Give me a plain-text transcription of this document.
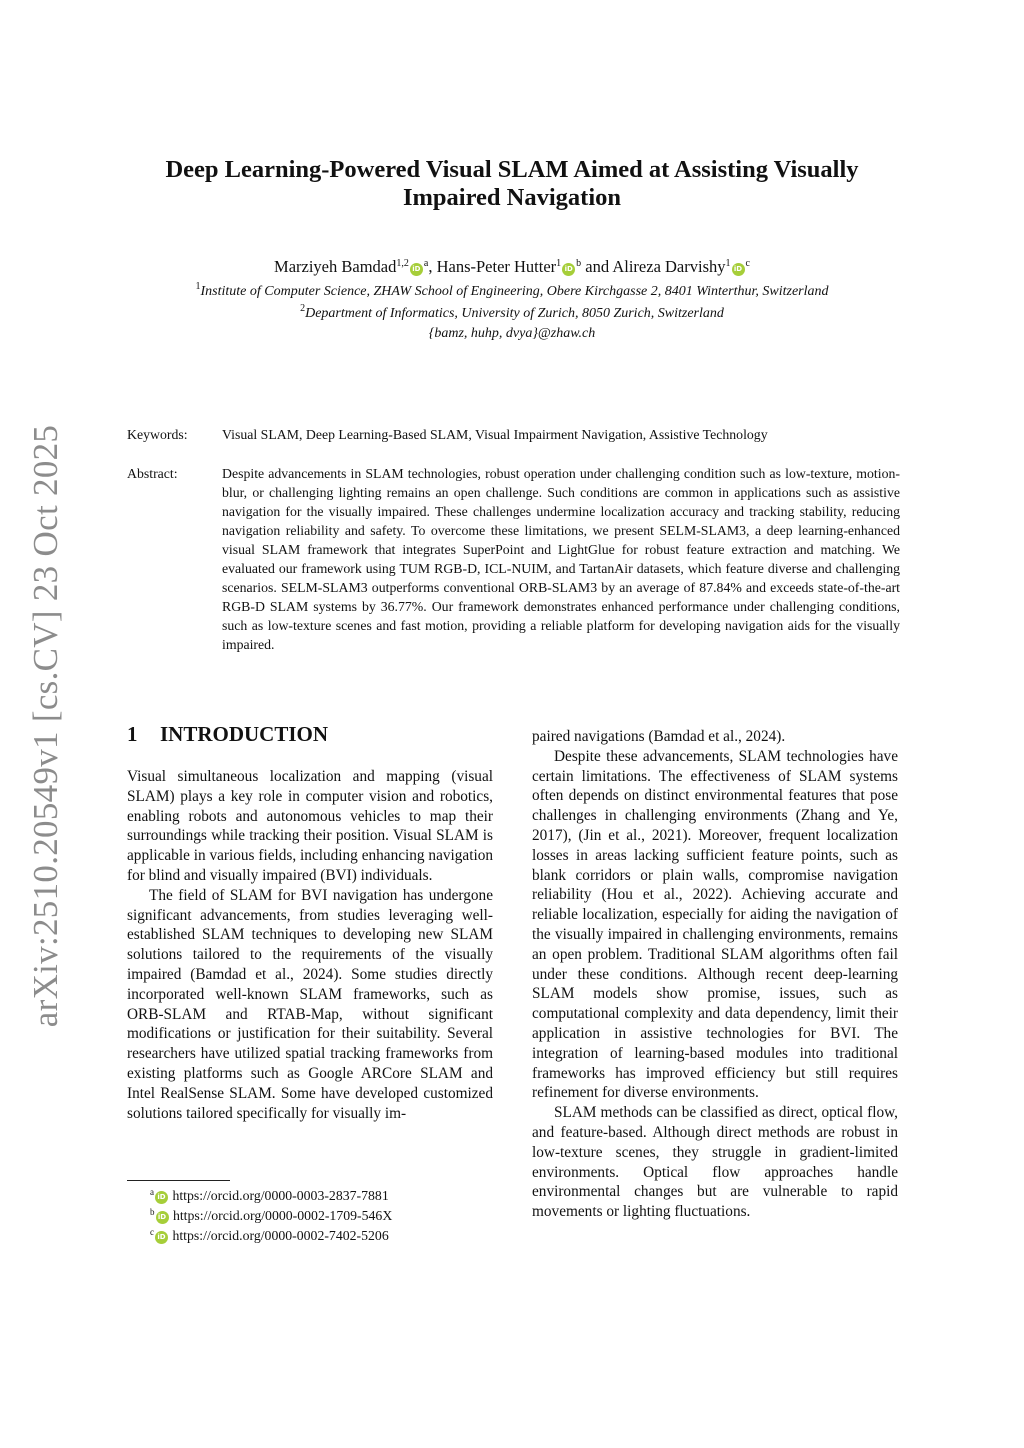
arXiv:2510.20549v1 [cs.CV] 23 Oct 2025
Deep Learning-Powered Visual SLAM Aimed at Assisting Visually
Impaired Navigation
Marziyeh Bamdad$^{1,2}$ iD $^a$, Hans-Peter Hutter$^1$ iD $^b$ and Alireza Darvishy$^1$ iD $^c$
$^1$Institute of Computer Science, ZHAW School of Engineering, Obere Kirchgasse 2, 8401 Winterthur, Switzerland
$^2$Department of Informatics, University of Zurich, 8050 Zurich, Switzerland
{bamz, huhp, dvya}@zhaw.ch
Keywords: Visual SLAM, Deep Learning-Based SLAM, Visual Impairment Navigation, Assistive Technology
Abstract:	Despite advancements in SLAM technologies, robust operation under challenging condition such as low-texture, motion-blur, or challenging lighting remains an open challenge. Such conditions are common in applications such as assistive navigation for the visually impaired. These challenges undermine localization accuracy and tracking stability, reducing navigation reliability and safety. To overcome these limitations, we present SELM-SLAM3, a deep learning-enhanced visual SLAM framework that integrates SuperPoint and LightGlue for robust feature extraction and matching. We evaluated our framework using TUM RGB-D, ICL-NUIM, and TartanAir datasets, which feature diverse and challenging scenarios. SELM-SLAM3 outperforms conventional ORB-SLAM3 by an average of 87.84% and exceeds state-of-the-art RGB-D SLAM systems by 36.77%. Our framework demonstrates enhanced performance under challenging conditions, such as low-texture scenes and fast motion, providing a reliable platform for developing navigation aids for the visually impaired.
1 INTRODUCTION

Visual simultaneous localization and mapping (visual SLAM) plays a key role in computer vision and robotics, enabling robots and autonomous vehicles to map their surroundings while tracking their position. Visual SLAM is applicable in various fields, including enhancing navigation for blind and visually impaired (BVI) individuals.

The field of SLAM for BVI navigation has undergone significant advancements, from studies leveraging well-established SLAM techniques to developing new SLAM solutions tailored to the requirements of the visually impaired (Bamdad et al., 2024). Some studies directly incorporated well-known SLAM frameworks, such as ORB-SLAM and RTAB-Map, without significant modifications or justification for their suitability. Several researchers have utilized spatial tracking frameworks from existing platforms such as Google ARCore SLAM and Intel RealSense SLAM. Some have developed customized solutions tailored specifically for visually im-

paired navigations (Bamdad et al., 2024).

Despite these advancements, SLAM technologies have certain limitations. The effectiveness of SLAM systems often depends on distinct environmental features that pose challenges in challenging environments (Zhang and Ye, 2017), (Jin et al., 2021). Moreover, frequent localization losses in areas lacking sufficient feature points, such as blank corridors or plain walls, compromise navigation reliability (Hou et al., 2022). Achieving accurate and reliable localization, especially for aiding the navigation of the visually impaired in challenging environments, remains an open problem. Traditional SLAM algorithms often fail under these conditions. Although recent deep-learning SLAM models show promise, issues, such as computational complexity and data dependency, limit their application in assistive technologies for BVI. The integration of learning-based modules into traditional frameworks has improved efficiency but still requires refinement for diverse environments.

SLAM methods can be classified as direct, optical flow, and feature-based. Although direct methods are robust in low-texture scenes, they struggle in gradient-limited environments. Optical flow approaches handle environmental changes but are vulnerable to rapid movements or lighting fluctuations.

$^a$ iD https://orcid.org/0000-0003-2837-7881
$^b$ iD https://orcid.org/0000-0002-1709-546X
$^c$ iD https://orcid.org/0000-0002-7402-5206
